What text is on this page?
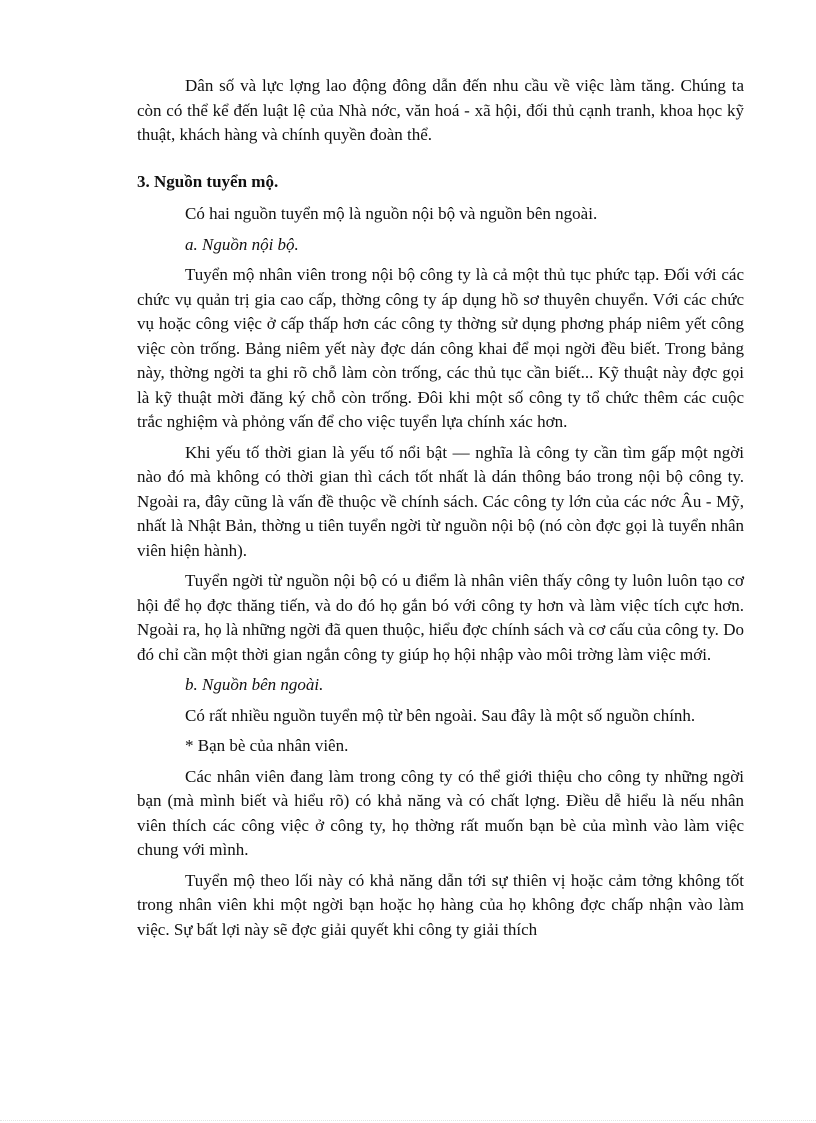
Dân số và lực lợng lao động đông dẫn đến nhu cầu về việc làm tăng. Chúng ta còn có thể kể đến luật lệ của Nhà nớc, văn hoá - xã hội, đối thủ cạnh tranh, khoa học kỹ thuật, khách hàng và chính quyền đoàn thể.

3. Nguồn tuyển mộ.

Có hai nguồn tuyển mộ là nguồn nội bộ và nguồn bên ngoài.

a. Nguồn nội bộ.

Tuyển mộ nhân viên trong nội bộ công ty là cả một thủ tục phức tạp. Đối với các chức vụ quản trị gia cao cấp, thờng công ty áp dụng hồ sơ thuyên chuyển. Với các chức vụ hoặc công việc ở cấp thấp hơn các công ty thờng sử dụng phơng pháp niêm yết công việc còn trống. Bảng niêm yết này đợc dán công khai để mọi ngời đều biết. Trong bảng này, thờng ngời ta ghi rõ chỗ làm còn trống, các thủ tục cần biết... Kỹ thuật này đợc gọi là kỹ thuật mời đăng ký chỗ còn trống. Đôi khi một số công ty tổ chức thêm các cuộc trắc nghiệm và phỏng vấn để cho việc tuyển lựa chính xác hơn.

Khi yếu tố thời gian là yếu tố nổi bật — nghĩa là công ty cần tìm gấp một ngời nào đó mà không có thời gian thì cách tốt nhất là dán thông báo trong nội bộ công ty. Ngoài ra, đây cũng là vấn đề thuộc về chính sách. Các công ty lớn của các nớc Âu - Mỹ, nhất là Nhật Bản, thờng u tiên tuyển ngời từ nguồn nội bộ (nó còn đợc gọi là tuyển nhân viên hiện hành).

Tuyển ngời từ nguồn nội bộ có u điểm là nhân viên thấy công ty luôn luôn tạo cơ hội để họ đợc thăng tiến, và do đó họ gắn bó với công ty hơn và làm việc tích cực hơn. Ngoài ra, họ là những ngời đã quen thuộc, hiểu đợc chính sách và cơ cấu của công ty. Do đó chỉ cần một thời gian ngắn công ty giúp họ hội nhập vào môi trờng làm việc mới.

b. Nguồn bên ngoài.

Có rất nhiều nguồn tuyển mộ từ bên ngoài. Sau đây là một số nguồn chính.

* Bạn bè của nhân viên.

Các nhân viên đang làm trong công ty có thể giới thiệu cho công ty những ngời bạn (mà mình biết và hiểu rõ) có khả năng và có chất lợng. Điều dễ hiểu là nếu nhân viên thích các công việc ở công ty, họ thờng rất muốn bạn bè của mình vào làm việc chung với mình.

Tuyển mộ theo lối này có khả năng dẫn tới sự thiên vị hoặc cảm tởng không tốt trong nhân viên khi một ngời bạn hoặc họ hàng của họ không đợc chấp nhận vào làm việc. Sự bất lợi này sẽ đợc giải quyết khi công ty giải thích
